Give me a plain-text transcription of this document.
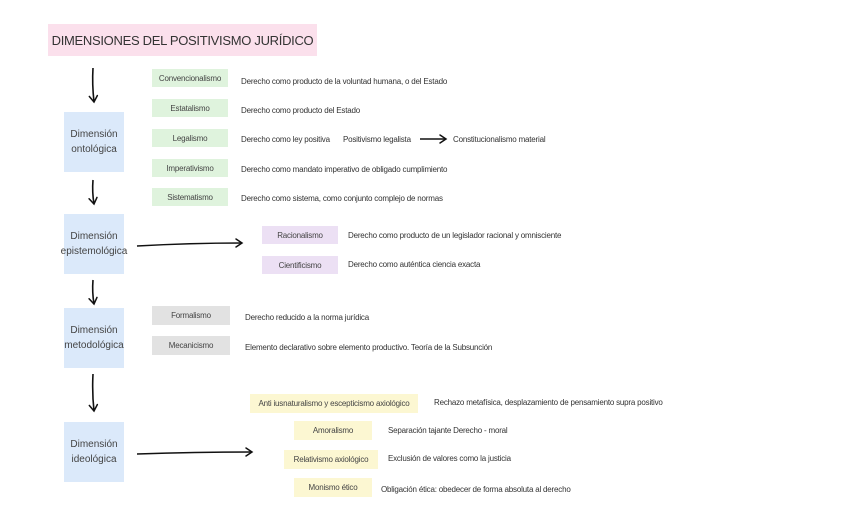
DIMENSIONES DEL POSITIVISMO JURÍDICO
Dimensión
ontológica
Dimensión
epistemológica
Dimensión
metodológica
Dimensión
ideológica
Convencionalismo	Derecho como producto de la voluntad humana, o del Estado
Estatalismo	Derecho como producto del Estado
Legalismo	Derecho como ley positiva Positivismo legalista	Constitucionalismo material
Imperativismo	Derecho como mandato imperativo de obligado cumplimiento
Sistematismo	Derecho como sistema, como conjunto complejo de normas
Racionalismo	Derecho como producto de un legislador racional y omnisciente
Cientificismo	Derecho como auténtica ciencia exacta
Formalismo	Derecho reducido a la norma jurídica
Mecanicismo	Elemento declarativo sobre elemento productivo. Teoría de la Subsunción
Anti iusnaturalismo y escepticismo axiológico	Rechazo metafísica, desplazamiento de pensamiento supra positivo
Amoralismo	Separación tajante Derecho - moral
Relativismo axiológico	Exclusión de valores como la justicia
Monismo ético	Obligación ética: obedecer de forma absoluta al derecho
